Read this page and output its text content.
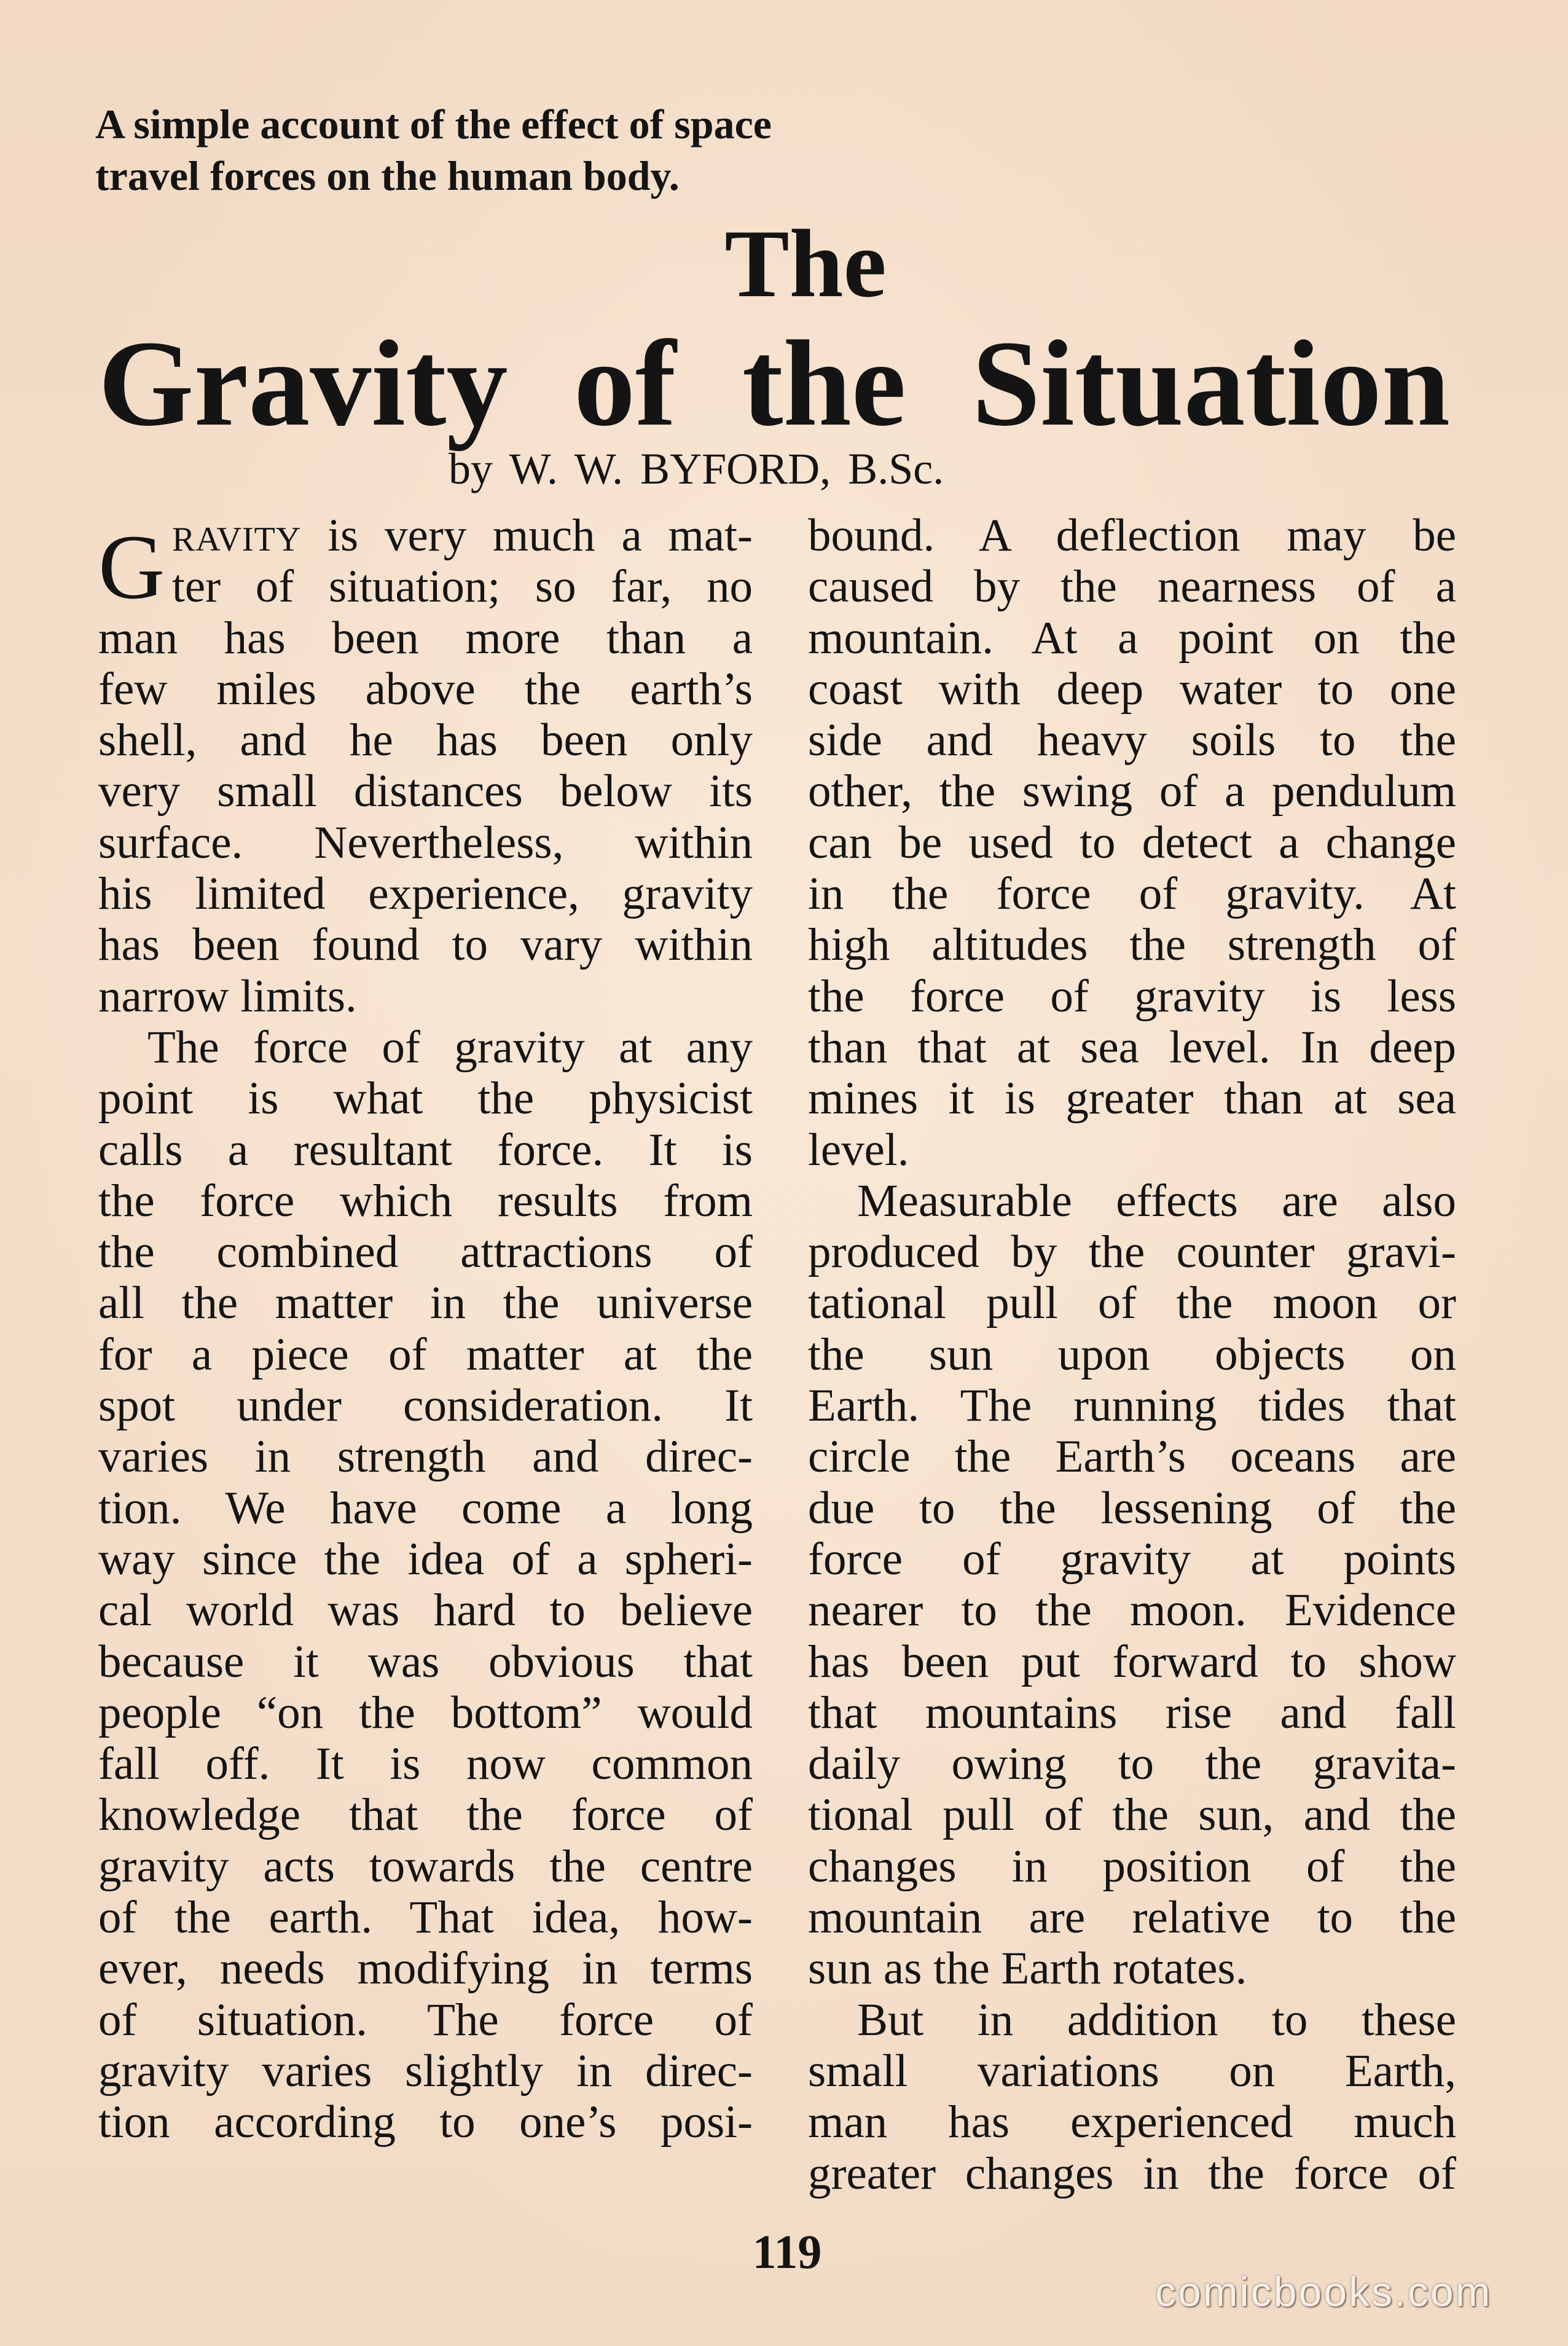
A simple account of the effect of space
travel forces on the human body.
The
Gravity of the Situation
by W. W. BYFORD, B.Sc.
G RAVITY is very much a mat-
ter of situation; so far, no
man has been more than a
few miles above the earth’s
shell, and he has been only
very small distances below its
surface. Nevertheless, within
his limited experience, gravity
has been found to vary within
narrow limits.
The force of gravity at any
point is what the physicist
calls a resultant force. It is
the force which results from
the combined attractions of
all the matter in the universe
for a piece of matter at the
spot under consideration. It
varies in strength and direc-
tion. We have come a long
way since the idea of a spheri-
cal world was hard to believe
because it was obvious that
people “on the bottom” would
fall off. It is now common
knowledge that the force of
gravity acts towards the centre
of the earth. That idea, how-
ever, needs modifying in terms
of situation. The force of
gravity varies slightly in direc-
tion according to one’s posi-
bound. A deflection may be
caused by the nearness of a
mountain. At a point on the
coast with deep water to one
side and heavy soils to the
other, the swing of a pendulum
can be used to detect a change
in the force of gravity. At
high altitudes the strength of
the force of gravity is less
than that at sea level. In deep
mines it is greater than at sea
level.
Measurable effects are also
produced by the counter gravi-
tational pull of the moon or
the sun upon objects on
Earth. The running tides that
circle the Earth’s oceans are
due to the lessening of the
force of gravity at points
nearer to the moon. Evidence
has been put forward to show
that mountains rise and fall
daily owing to the gravita-
tional pull of the sun, and the
changes in position of the
mountain are relative to the
sun as the Earth rotates.
But in addition to these
small variations on Earth,
man has experienced much
greater changes in the force of
119
comicbooks.com
